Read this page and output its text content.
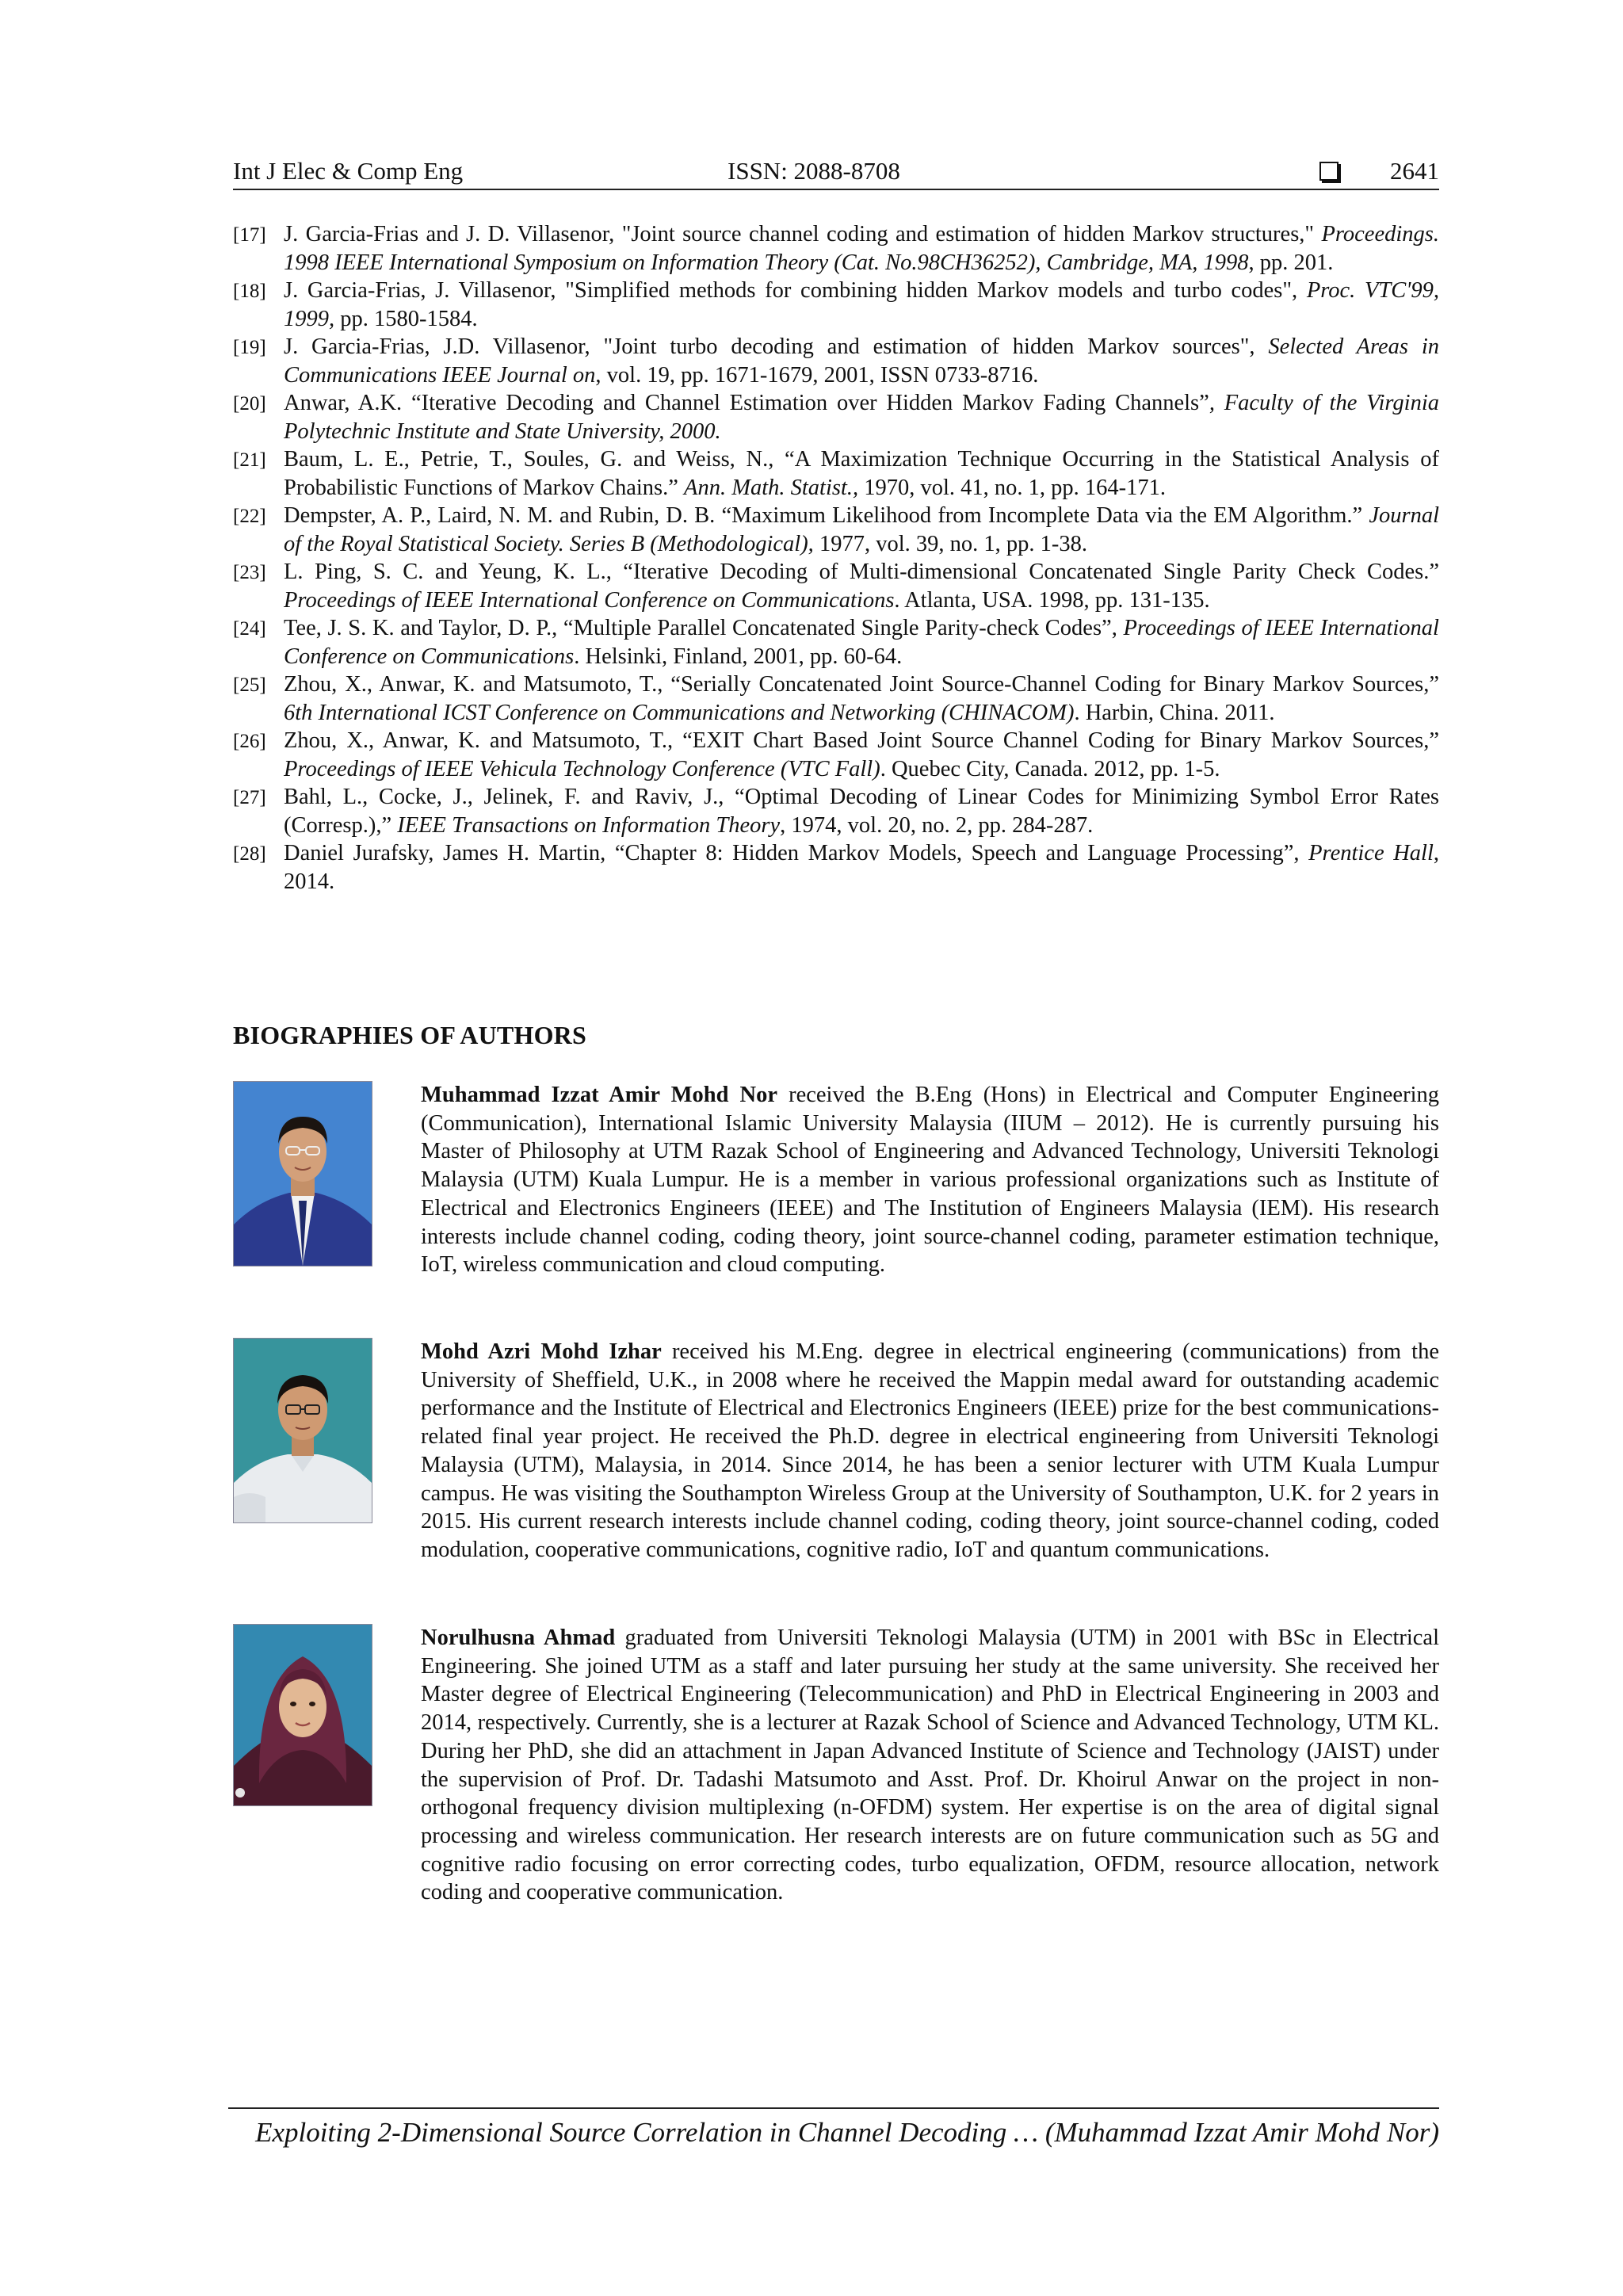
Int J Elec & Comp Eng	ISSN: 2088-8708	2641
[17] J. Garcia-Frias and J. D. Villasenor, "Joint source channel coding and estimation of hidden Markov structures," Proceedings. 1998 IEEE International Symposium on Information Theory (Cat. No.98CH36252), Cambridge, MA, 1998, pp. 201.
[18] J. Garcia-Frias, J. Villasenor, "Simplified methods for combining hidden Markov models and turbo codes", Proc. VTC'99, 1999, pp. 1580-1584.
[19] J. Garcia-Frias, J.D. Villasenor, "Joint turbo decoding and estimation of hidden Markov sources", Selected Areas in Communications IEEE Journal on, vol. 19, pp. 1671-1679, 2001, ISSN 0733-8716.
[20] Anwar, A.K. “Iterative Decoding and Channel Estimation over Hidden Markov Fading Channels”, Faculty of the Virginia Polytechnic Institute and State University, 2000.
[21] Baum, L. E., Petrie, T., Soules, G. and Weiss, N., “A Maximization Technique Occurring in the Statistical Analysis of Probabilistic Functions of Markov Chains.” Ann. Math. Statist., 1970, vol. 41, no. 1, pp. 164-171.
[22] Dempster, A. P., Laird, N. M. and Rubin, D. B. “Maximum Likelihood from Incomplete Data via the EM Algorithm.” Journal of the Royal Statistical Society. Series B (Methodological), 1977, vol. 39, no. 1, pp. 1-38.
[23] L. Ping, S. C. and Yeung, K. L., “Iterative Decoding of Multi-dimensional Concatenated Single Parity Check Codes.” Proceedings of IEEE International Conference on Communications. Atlanta, USA. 1998, pp. 131-135.
[24] Tee, J. S. K. and Taylor, D. P., “Multiple Parallel Concatenated Single Parity-check Codes”, Proceedings of IEEE International Conference on Communications. Helsinki, Finland, 2001, pp. 60-64.
[25] Zhou, X., Anwar, K. and Matsumoto, T., “Serially Concatenated Joint Source-Channel Coding for Binary Markov Sources,” 6th International ICST Conference on Communications and Networking (CHINACOM). Harbin, China. 2011.
[26] Zhou, X., Anwar, K. and Matsumoto, T., “EXIT Chart Based Joint Source Channel Coding for Binary Markov Sources,” Proceedings of IEEE Vehicula Technology Conference (VTC Fall). Quebec City, Canada. 2012, pp. 1-5.
[27] Bahl, L., Cocke, J., Jelinek, F. and Raviv, J., “Optimal Decoding of Linear Codes for Minimizing Symbol Error Rates (Corresp.),” IEEE Transactions on Information Theory, 1974, vol. 20, no. 2, pp. 284-287.
[28] Daniel Jurafsky, James H. Martin, “Chapter 8: Hidden Markov Models, Speech and Language Processing”, Prentice Hall, 2014.
BIOGRAPHIES OF AUTHORS
Muhammad Izzat Amir Mohd Nor received the B.Eng (Hons) in Electrical and Computer Engineering (Communication), International Islamic University Malaysia (IIUM – 2012). He is currently pursuing his Master of Philosophy at UTM Razak School of Engineering and Advanced Technology, Universiti Teknologi Malaysia (UTM) Kuala Lumpur. He is a member in various professional organizations such as Institute of Electrical and Electronics Engineers (IEEE) and The Institution of Engineers Malaysia (IEM). His research interests include channel coding, coding theory, joint source-channel coding, parameter estimation technique, IoT, wireless communication and cloud computing.
Mohd Azri Mohd Izhar received his M.Eng. degree in electrical engineering (communications) from the University of Sheffield, U.K., in 2008 where he received the Mappin medal award for outstanding academic performance and the Institute of Electrical and Electronics Engineers (IEEE) prize for the best communications-related final year project. He received the Ph.D. degree in electrical engineering from Universiti Teknologi Malaysia (UTM), Malaysia, in 2014. Since 2014, he has been a senior lecturer with UTM Kuala Lumpur campus. He was visiting the Southampton Wireless Group at the University of Southampton, U.K. for 2 years in 2015. His current research interests include channel coding, coding theory, joint source-channel coding, coded modulation, cooperative communications, cognitive radio, IoT and quantum communications.
Norulhusna Ahmad graduated from Universiti Teknologi Malaysia (UTM) in 2001 with BSc in Electrical Engineering. She joined UTM as a staff and later pursuing her study at the same university. She received her Master degree of Electrical Engineering (Telecommunication) and PhD in Electrical Engineering in 2003 and 2014, respectively. Currently, she is a lecturer at Razak School of Science and Advanced Technology, UTM KL. During her PhD, she did an attachment in Japan Advanced Institute of Science and Technology (JAIST) under the supervision of Prof. Dr. Tadashi Matsumoto and Asst. Prof. Dr. Khoirul Anwar on the project in non-orthogonal frequency division multiplexing (n-OFDM) system. Her expertise is on the area of digital signal processing and wireless communication. Her research interests are on future communication such as 5G and cognitive radio focusing on error correcting codes, turbo equalization, OFDM, resource allocation, network coding and cooperative communication.
Exploiting 2-Dimensional Source Correlation in Channel Decoding … (Muhammad Izzat Amir Mohd Nor)
